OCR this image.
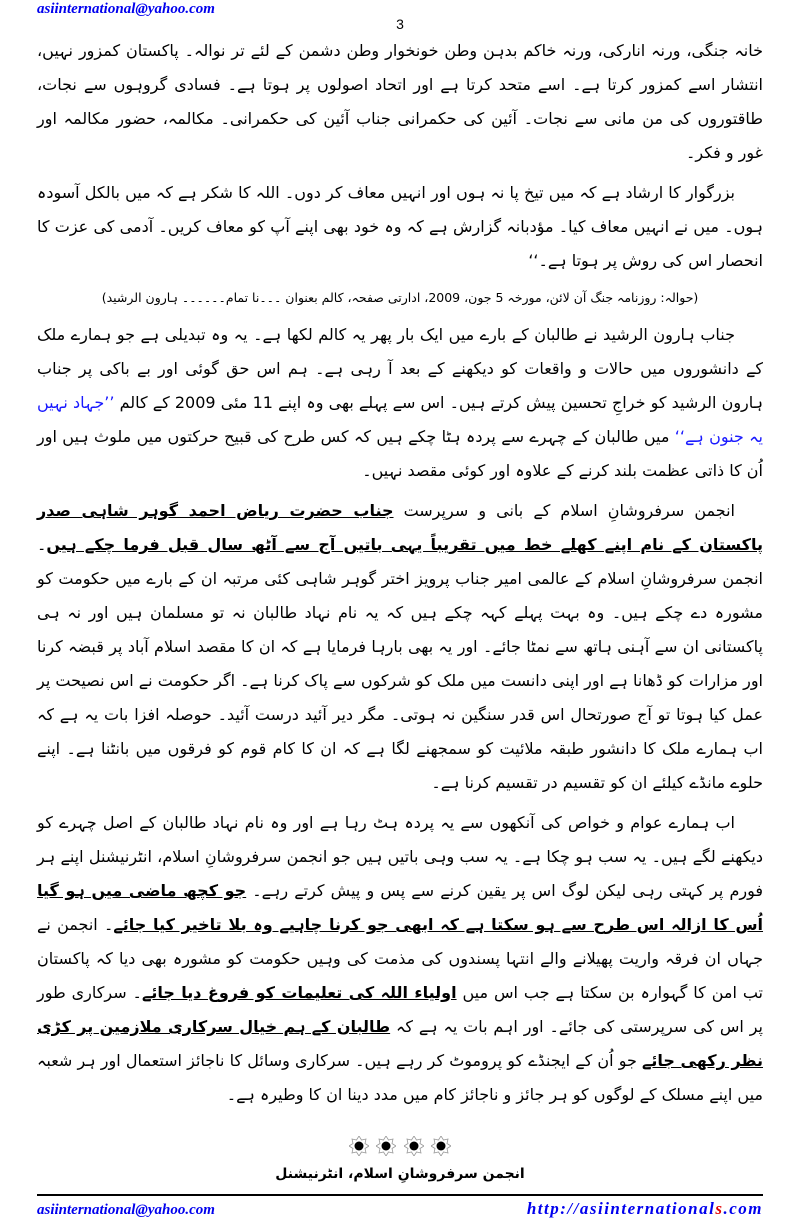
asiinternational@yahoo.com
3

خانہ جنگی، ورنہ انارکی، ورنہ خاکم بدہن وطن خونخوار وطن دشمن کے لئے تر نوالہ۔ پاکستان کمزور نہیں، انتشار اسے کمزور کرتا ہے۔ اسے متحد کرتا ہے اور اتحاد اصولوں پر ہوتا ہے۔ فسادی گروہوں سے نجات، طاقتوروں کی من مانی سے نجات۔ آئین کی حکمرانی جناب آئین کی حکمرانی۔ مکالمہ، حضور مکالمہ اور غور و فکر۔

بزرگوار کا ارشاد ہے کہ میں تیخ پا نہ ہوں اور انہیں معاف کر دوں۔ اللہ کا شکر ہے کہ میں بالکل آسودہ ہوں۔ میں نے انہیں معاف کیا۔ مؤدبانہ گزارش ہے کہ وہ خود بھی اپنے آپ کو معاف کریں۔ آدمی کی عزت کا انحصار اس کی روش پر ہوتا ہے۔‘‘

(حوالہ: روزنامہ جنگ آن لائن، مورخہ 5 جون، 2009، ادارتی صفحہ، کالم بعنوان ۔۔۔نا تمام۔۔۔۔۔۔ ہارون الرشید)

جناب ہارون الرشید نے طالبان کے بارے میں ایک بار پھر یہ کالم لکھا ہے۔ یہ وہ تبدیلی ہے جو ہمارے ملک کے دانشوروں میں حالات و واقعات کو دیکھنے کے بعد آ رہی ہے۔ ہم اس حق گوئی اور بے باکی پر جناب ہارون الرشید کو خراجِ تحسین پیش کرتے ہیں۔ اس سے پہلے بھی وہ اپنے 11 مئی 2009 کے کالم ’’جہاد نہیں یہ جنون ہے‘‘ میں طالبان کے چہرے سے پردہ ہٹا چکے ہیں کہ کس طرح کی قبیح حرکتوں میں ملوث ہیں اور اُن کا ذاتی عظمت بلند کرنے کے علاوہ اور کوئی مقصد نہیں۔

انجمن سرفروشانِ اسلام کے بانی و سرپرست جناب حضرت ریاض احمد گوہر شاہی صدر پاکستان کے نام اپنے کھلے خط میں تقریباً یہی باتیں آج سے آٹھ سال قبل فرما چکے ہیں۔ انجمن سرفروشانِ اسلام کے عالمی امیر جناب پرویز اختر گوہر شاہی کئی مرتبہ ان کے بارے میں حکومت کو مشورہ دے چکے ہیں۔ وہ بہت پہلے کہہ چکے ہیں کہ یہ نام نہاد طالبان نہ تو مسلمان ہیں اور نہ ہی پاکستانی ان سے آہنی ہاتھ سے نمٹا جائے۔ اور یہ بھی بارہا فرمایا ہے کہ ان کا مقصد اسلام آباد پر قبضہ کرنا اور مزارات کو ڈھانا ہے اور اپنی دانست میں ملک کو شرکوں سے پاک کرنا ہے۔ اگر حکومت نے اس نصیحت پر عمل کیا ہوتا تو آج صورتحال اس قدر سنگین نہ ہوتی۔ مگر دیر آئید درست آئید۔ حوصلہ افزا بات یہ ہے کہ اب ہمارے ملک کا دانشور طبقہ ملائیت کو سمجھنے لگا ہے کہ ان کا کام قوم کو فرقوں میں بانٹنا ہے۔ اپنے حلوے مانڈے کیلئے ان کو تقسیم در تقسیم کرنا ہے۔

اب ہمارے عوام و خواص کی آنکھوں سے یہ پردہ ہٹ رہا ہے اور وہ نام نہاد طالبان کے اصل چہرے کو دیکھنے لگے ہیں۔ یہ سب ہو چکا ہے۔ یہ سب وہی باتیں ہیں جو انجمن سرفروشانِ اسلام، انٹرنیشنل اپنے ہر فورم پر کہتی رہی لیکن لوگ اس پر یقین کرنے سے پس و پیش کرتے رہے۔ جو کچھ ماضی میں ہو گیا اُس کا ازالہ اس طرح سے ہو سکتا ہے کہ ابھی جو کرنا چاہیے وہ بلا تاخیر کیا جائے۔ انجمن نے جہاں ان فرقہ واریت پھیلانے والے انتہا پسندوں کی مذمت کی وہیں حکومت کو مشورہ بھی دیا کہ پاکستان تب امن کا گہوارہ بن سکتا ہے جب اس میں اولیاء اللہ کی تعلیمات کو فروغ دیا جائے۔ سرکاری طور پر اس کی سرپرستی کی جائے۔ اور اہم بات یہ ہے کہ طالبان کے ہم خیال سرکاری ملازمین پر کڑی نظر رکھی جائے جو اُن کے ایجنڈے کو پروموٹ کر رہے ہیں۔ سرکاری وسائل کا ناجائز استعمال اور ہر شعبہ میں اپنے مسلک کے لوگوں کو ہر جائز و ناجائز کام میں مدد دینا ان کا وطیرہ ہے۔

انجمن سرفروشانِ اسلام، انٹرنیشنل
asiinternational@yahoo.com	http://asiinternationals.com
